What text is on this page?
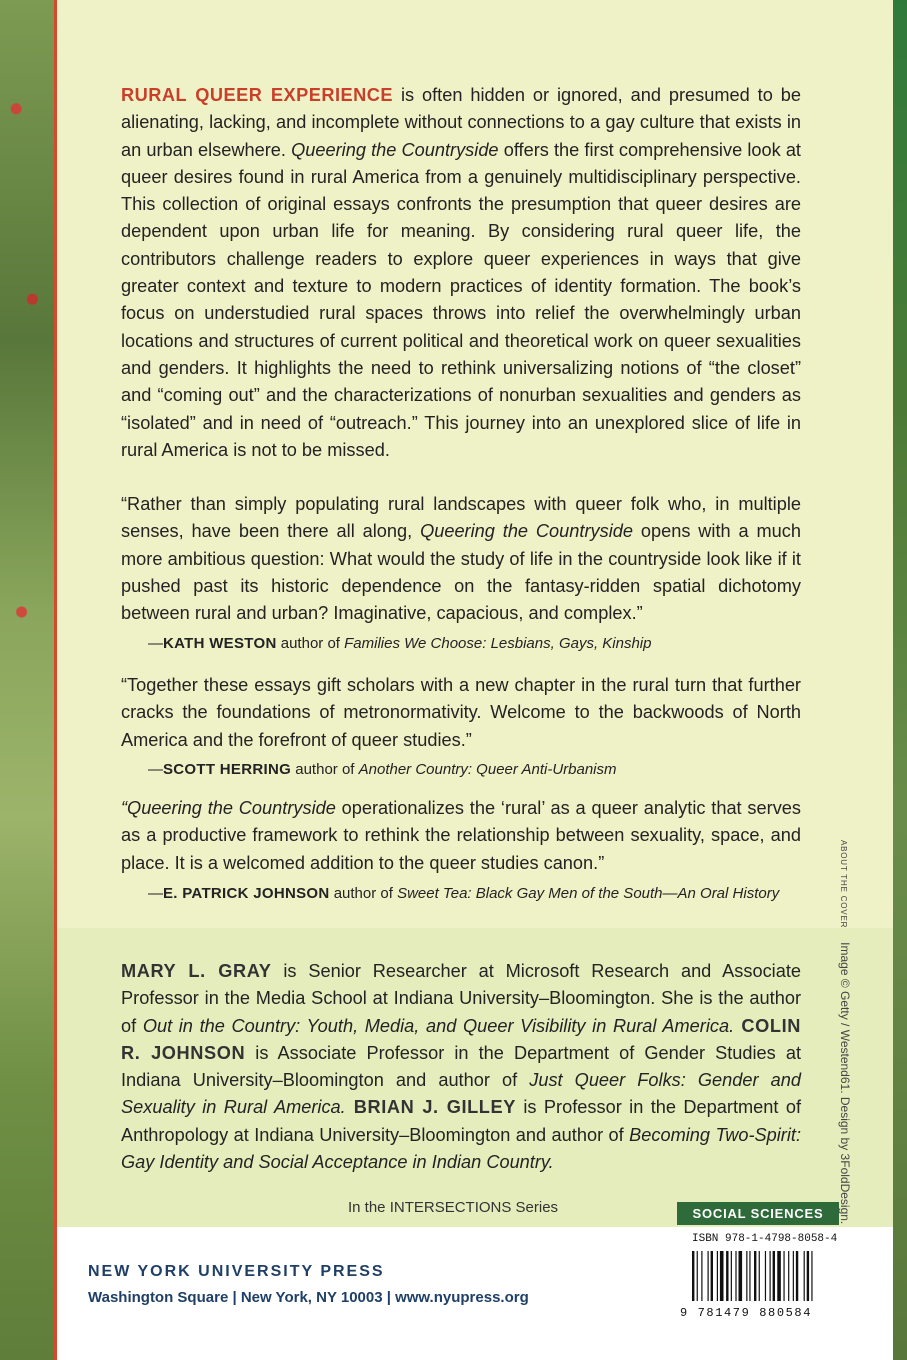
RURAL QUEER EXPERIENCE is often hidden or ignored, and presumed to be alienating, lacking, and incomplete without connections to a gay culture that exists in an urban elsewhere. Queering the Countryside offers the first comprehensive look at queer desires found in rural America from a genuinely multidisciplinary perspective. This collection of original essays confronts the presumption that queer desires are dependent upon urban life for meaning. By considering rural queer life, the contributors challenge readers to explore queer experiences in ways that give greater context and texture to modern practices of identity formation. The book’s focus on understudied rural spaces throws into relief the overwhelmingly urban locations and structures of current political and theoretical work on queer sexualities and genders. It highlights the need to rethink universalizing notions of “the closet” and “coming out” and the characterizations of nonurban sexualities and genders as “isolated” and in need of “outreach.” This journey into an unexplored slice of life in rural America is not to be missed.

“Rather than simply populating rural landscapes with queer folk who, in multiple senses, have been there all along, Queering the Countryside opens with a much more ambitious question: What would the study of life in the countryside look like if it pushed past its historic dependence on the fantasy-ridden spatial dichotomy between rural and urban? Imaginative, capacious, and complex.”

—KATH WESTON author of Families We Choose: Lesbians, Gays, Kinship

“Together these essays gift scholars with a new chapter in the rural turn that further cracks the foundations of metronormativity. Welcome to the backwoods of North America and the forefront of queer studies.”

—SCOTT HERRING author of Another Country: Queer Anti-Urbanism

“Queering the Countryside operationalizes the ‘rural’ as a queer analytic that serves as a productive framework to rethink the relationship between sexuality, space, and place. It is a welcomed addition to the queer studies canon.”

—E. PATRICK JOHNSON author of Sweet Tea: Black Gay Men of the South—An Oral History

MARY L. GRAY is Senior Researcher at Microsoft Research and Associate Professor in the Media School at Indiana University–Bloomington. She is the author of Out in the Country: Youth, Media, and Queer Visibility in Rural America. COLIN R. JOHNSON is Associate Professor in the Department of Gender Studies at Indiana University–Bloomington and author of Just Queer Folks: Gender and Sexuality in Rural America. BRIAN J. GILLEY is Professor in the Department of Anthropology at Indiana University–Bloomington and author of Becoming Two-Spirit: Gay Identity and Social Acceptance in Indian Country.

In the INTERSECTIONS Series	SOCIAL SCIENCES
ABOUT THE COVERImage © Getty / Westend61. Design by 3FoldDesign.
NEW YORK UNIVERSITY PRESS
Washington Square | New York, NY 10003 | www.nyupress.org
ISBN 978-1-4798-8058-4
9 781479 880584
